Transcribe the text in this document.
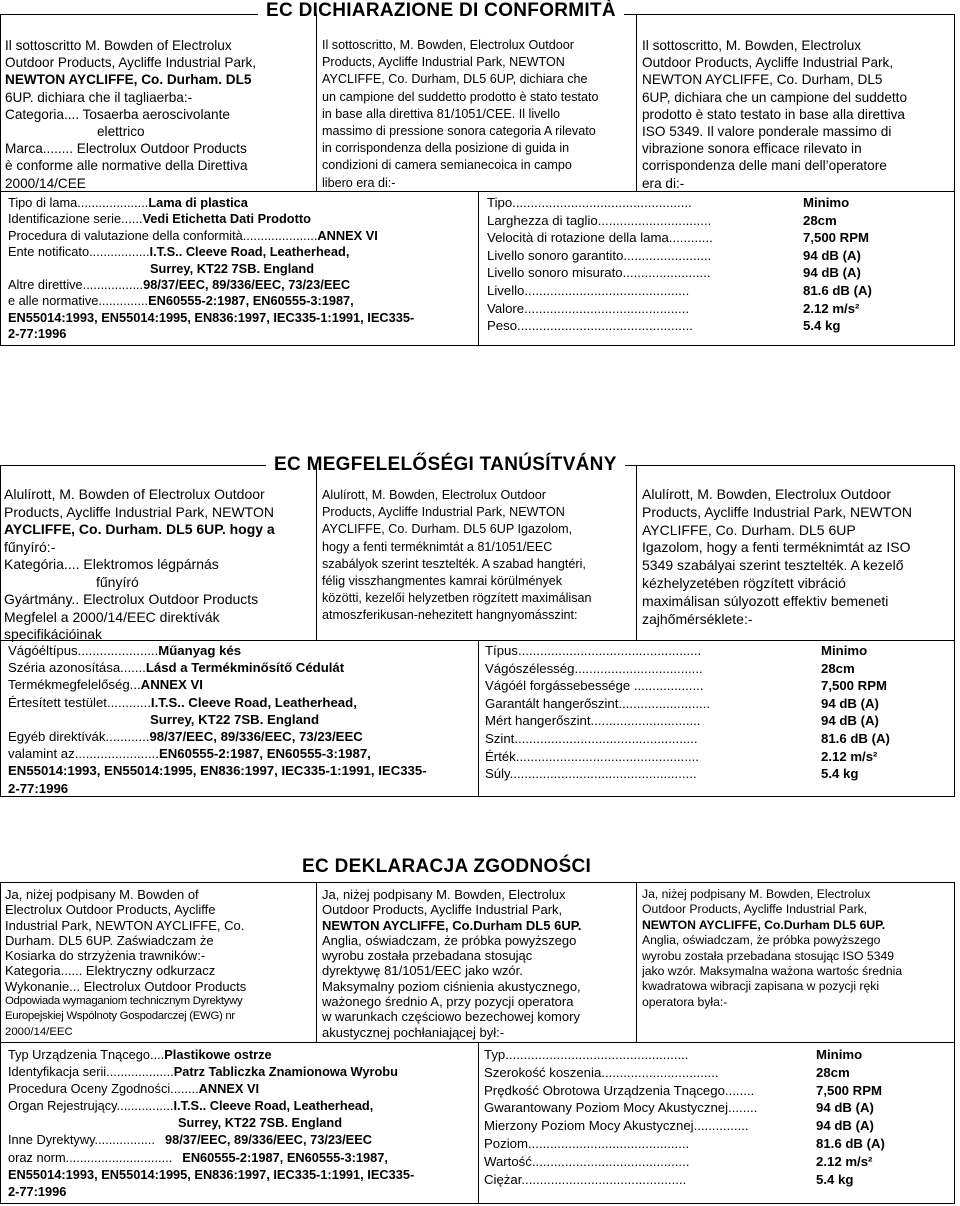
EC DICHIARAZIONE DI CONFORMITÀ

Il sottoscritto M. Bowden of Electrolux

Outdoor Products, Aycliffe Industrial Park,

NEWTON AYCLIFFE, Co. Durham. DL5

6UP. dichiara che il tagliaerba:-

Categoria.... Tosaerba aeroscivolante

elettrico

Marca........ Electrolux Outdoor Products

è conforme alle normative della Direttiva

2000/14/CEE

Il sottoscritto, M. Bowden, Electrolux Outdoor

Products, Aycliffe Industrial Park, NEWTON

AYCLIFFE, Co. Durham, DL5 6UP, dichiara che

un campione del suddetto prodotto è stato testato

in base alla direttiva 81/1051/CEE. Il livello

massimo di pressione sonora categoria A rilevato

in corrispondenza della posizione di guida in

condizioni di camera semianecoica in campo

libero era di:-

Il sottoscritto, M. Bowden, Electrolux

Outdoor Products, Aycliffe Industrial Park,

NEWTON AYCLIFFE, Co. Durham, DL5

6UP, dichiara che un campione del suddetto

prodotto è stato testato in base alla direttiva

ISO 5349. Il valore ponderale massimo di

vibrazione sonora efficace rilevato in

corrispondenza delle mani dell’operatore

era di:-

Tipo di lama....................Lama di plastica
Identificazione serie......Vedi Etichetta Dati Prodotto
Procedura di valutazione della conformità.....................ANNEX VI
Ente notificato.................I.T.S.. Cleeve Road, Leatherhead,
Surrey, KT22 7SB. England
Altre direttive.................98/37/EEC, 89/336/EEC, 73/23/EEC
e alle normative..............EN60555-2:1987, EN60555-3:1987,
EN55014:1993, EN55014:1995, EN836:1997, IEC335-1:1991, IEC335-
2-77:1996
Tipo.................................................	Minimo
Larghezza di taglio...............................	28cm
Velocità di rotazione della lama............	7,500 RPM
Livello sonoro garantito........................	94 dB (A)
Livello sonoro misurato........................	94 dB (A)
Livello.............................................	81.6 dB (A)
Valore.............................................	2.12 m/s²
Peso................................................	5.4 kg
EC MEGFELELŐSÉGI TANÚSÍTVÁNY

Alulírott, M. Bowden of Electrolux Outdoor

Products, Aycliffe Industrial Park, NEWTON

AYCLIFFE, Co. Durham. DL5 6UP. hogy a

fűnyíró:-

Kategória.... Elektromos légpárnás

fűnyíró

Gyártmány.. Electrolux Outdoor Products

Megfelel a 2000/14/EEC direktívák

specifikációinak

Alulírott, M. Bowden, Electrolux Outdoor

Products, Aycliffe Industrial Park, NEWTON

AYCLIFFE, Co. Durham. DL5 6UP Igazolom,

hogy a fenti terméknimtát a 81/1051/EEC

szabályok szerint tesztelték. A szabad hangtéri,

félig visszhangmentes kamrai körülmények

közötti, kezelői helyzetben rögzített maximálisan

atmoszferikusan-nehezitett hangnyomásszint:

Alulírott, M. Bowden, Electrolux Outdoor

Products, Aycliffe Industrial Park, NEWTON

AYCLIFFE, Co. Durham. DL5 6UP

Igazolom, hogy a fenti terméknimtát az ISO

5349 szabályai szerint tesztelték. A kezelő

kézhelyzetében rögzített vibráció

maximálisan súlyozott effektiv bemeneti

zajhőmérséklete:-

Vágóéltípus......................Műanyag kés
Széria azonosítása.......Lásd a Termékminősítő Cédulát
Termékmegfelelőség...ANNEX VI
Értesített testület............I.T.S.. Cleeve Road, Leatherhead,
Surrey, KT22 7SB. England
Egyéb direktívák............98/37/EEC, 89/336/EEC, 73/23/EEC
valamint az.......................EN60555-2:1987, EN60555-3:1987,
EN55014:1993, EN55014:1995, EN836:1997, IEC335-1:1991, IEC335-
2-77:1996
Típus..................................................	Minimo
Vágószélesség...................................	28cm
Vágóél forgássebessége ...................	7,500 RPM
Garantált hangerőszint.........................	94 dB (A)
Mért hangerőszint..............................	94 dB (A)
Szint..................................................	81.6 dB (A)
Érték..................................................	2.12 m/s²
Súly...................................................	5.4 kg
EC DEKLARACJA ZGODNOŚCI

Ja, niżej podpisany M. Bowden of

Electrolux Outdoor Products, Aycliffe

Industrial Park, NEWTON AYCLIFFE, Co.

Durham. DL5 6UP. Zaświadczam że

Kosiarka do strzyżenia trawników:-

Kategoria...... Elektryczny odkurzacz

Wykonanie... Electrolux Outdoor Products

Odpowiada wymaganiom technicznym Dyrektywy

Europejskiej Wspólnoty Gospodarczej (EWG) nr

2000/14/EEC

Ja, niżej podpisany M. Bowden, Electrolux

Outdoor Products, Aycliffe Industrial Park,

NEWTON AYCLIFFE, Co.Durham DL5 6UP.

Anglia, oświadczam, że próbka powyższego

wyrobu została przebadana stosując

dyrektywę 81/1051/EEC jako wzór.

Maksymalny poziom ciśnienia akustycznego,

ważonego średnio A, przy pozycji operatora

w warunkach częściowo bezechowej komory

akustycznej pochłaniającej był:-

Ja, niżej podpisany M. Bowden, Electrolux

Outdoor Products, Aycliffe Industrial Park,

NEWTON AYCLIFFE, Co.Durham DL5 6UP.

Anglia, oświadczam, że próbka powyższego

wyrobu została przebadana stosując ISO 5349

jako wzór. Maksymalna ważona wartośc średnia

kwadratowa wibracji zapisana w pozycji ręki

operatora była:-

Typ Urządzenia Tnącego....Plastikowe ostrze
Identyfikacja serii...................Patrz Tabliczka Znamionowa Wyrobu
Procedura Oceny Zgodności........ANNEX VI
Organ Rejestrujący................I.T.S.. Cleeve Road, Leatherhead,
Surrey, KT22 7SB. England
Inne Dyrektywy................. 98/37/EEC, 89/336/EEC, 73/23/EEC
oraz norm.............................. EN60555-2:1987, EN60555-3:1987,
EN55014:1993, EN55014:1995, EN836:1997, IEC335-1:1991, IEC335-
2-77:1996
Typ..................................................	Minimo
Szerokość koszenia................................	28cm
Prędkość Obrotowa Urządzenia Tnącego........	7,500 RPM
Gwarantowany Poziom Mocy Akustycznej........	94 dB (A)
Mierzony Poziom Mocy Akustycznej...............	94 dB (A)
Poziom............................................	81.6 dB (A)
Wartość...........................................	2.12 m/s²
Ciężar.............................................	5.4 kg
